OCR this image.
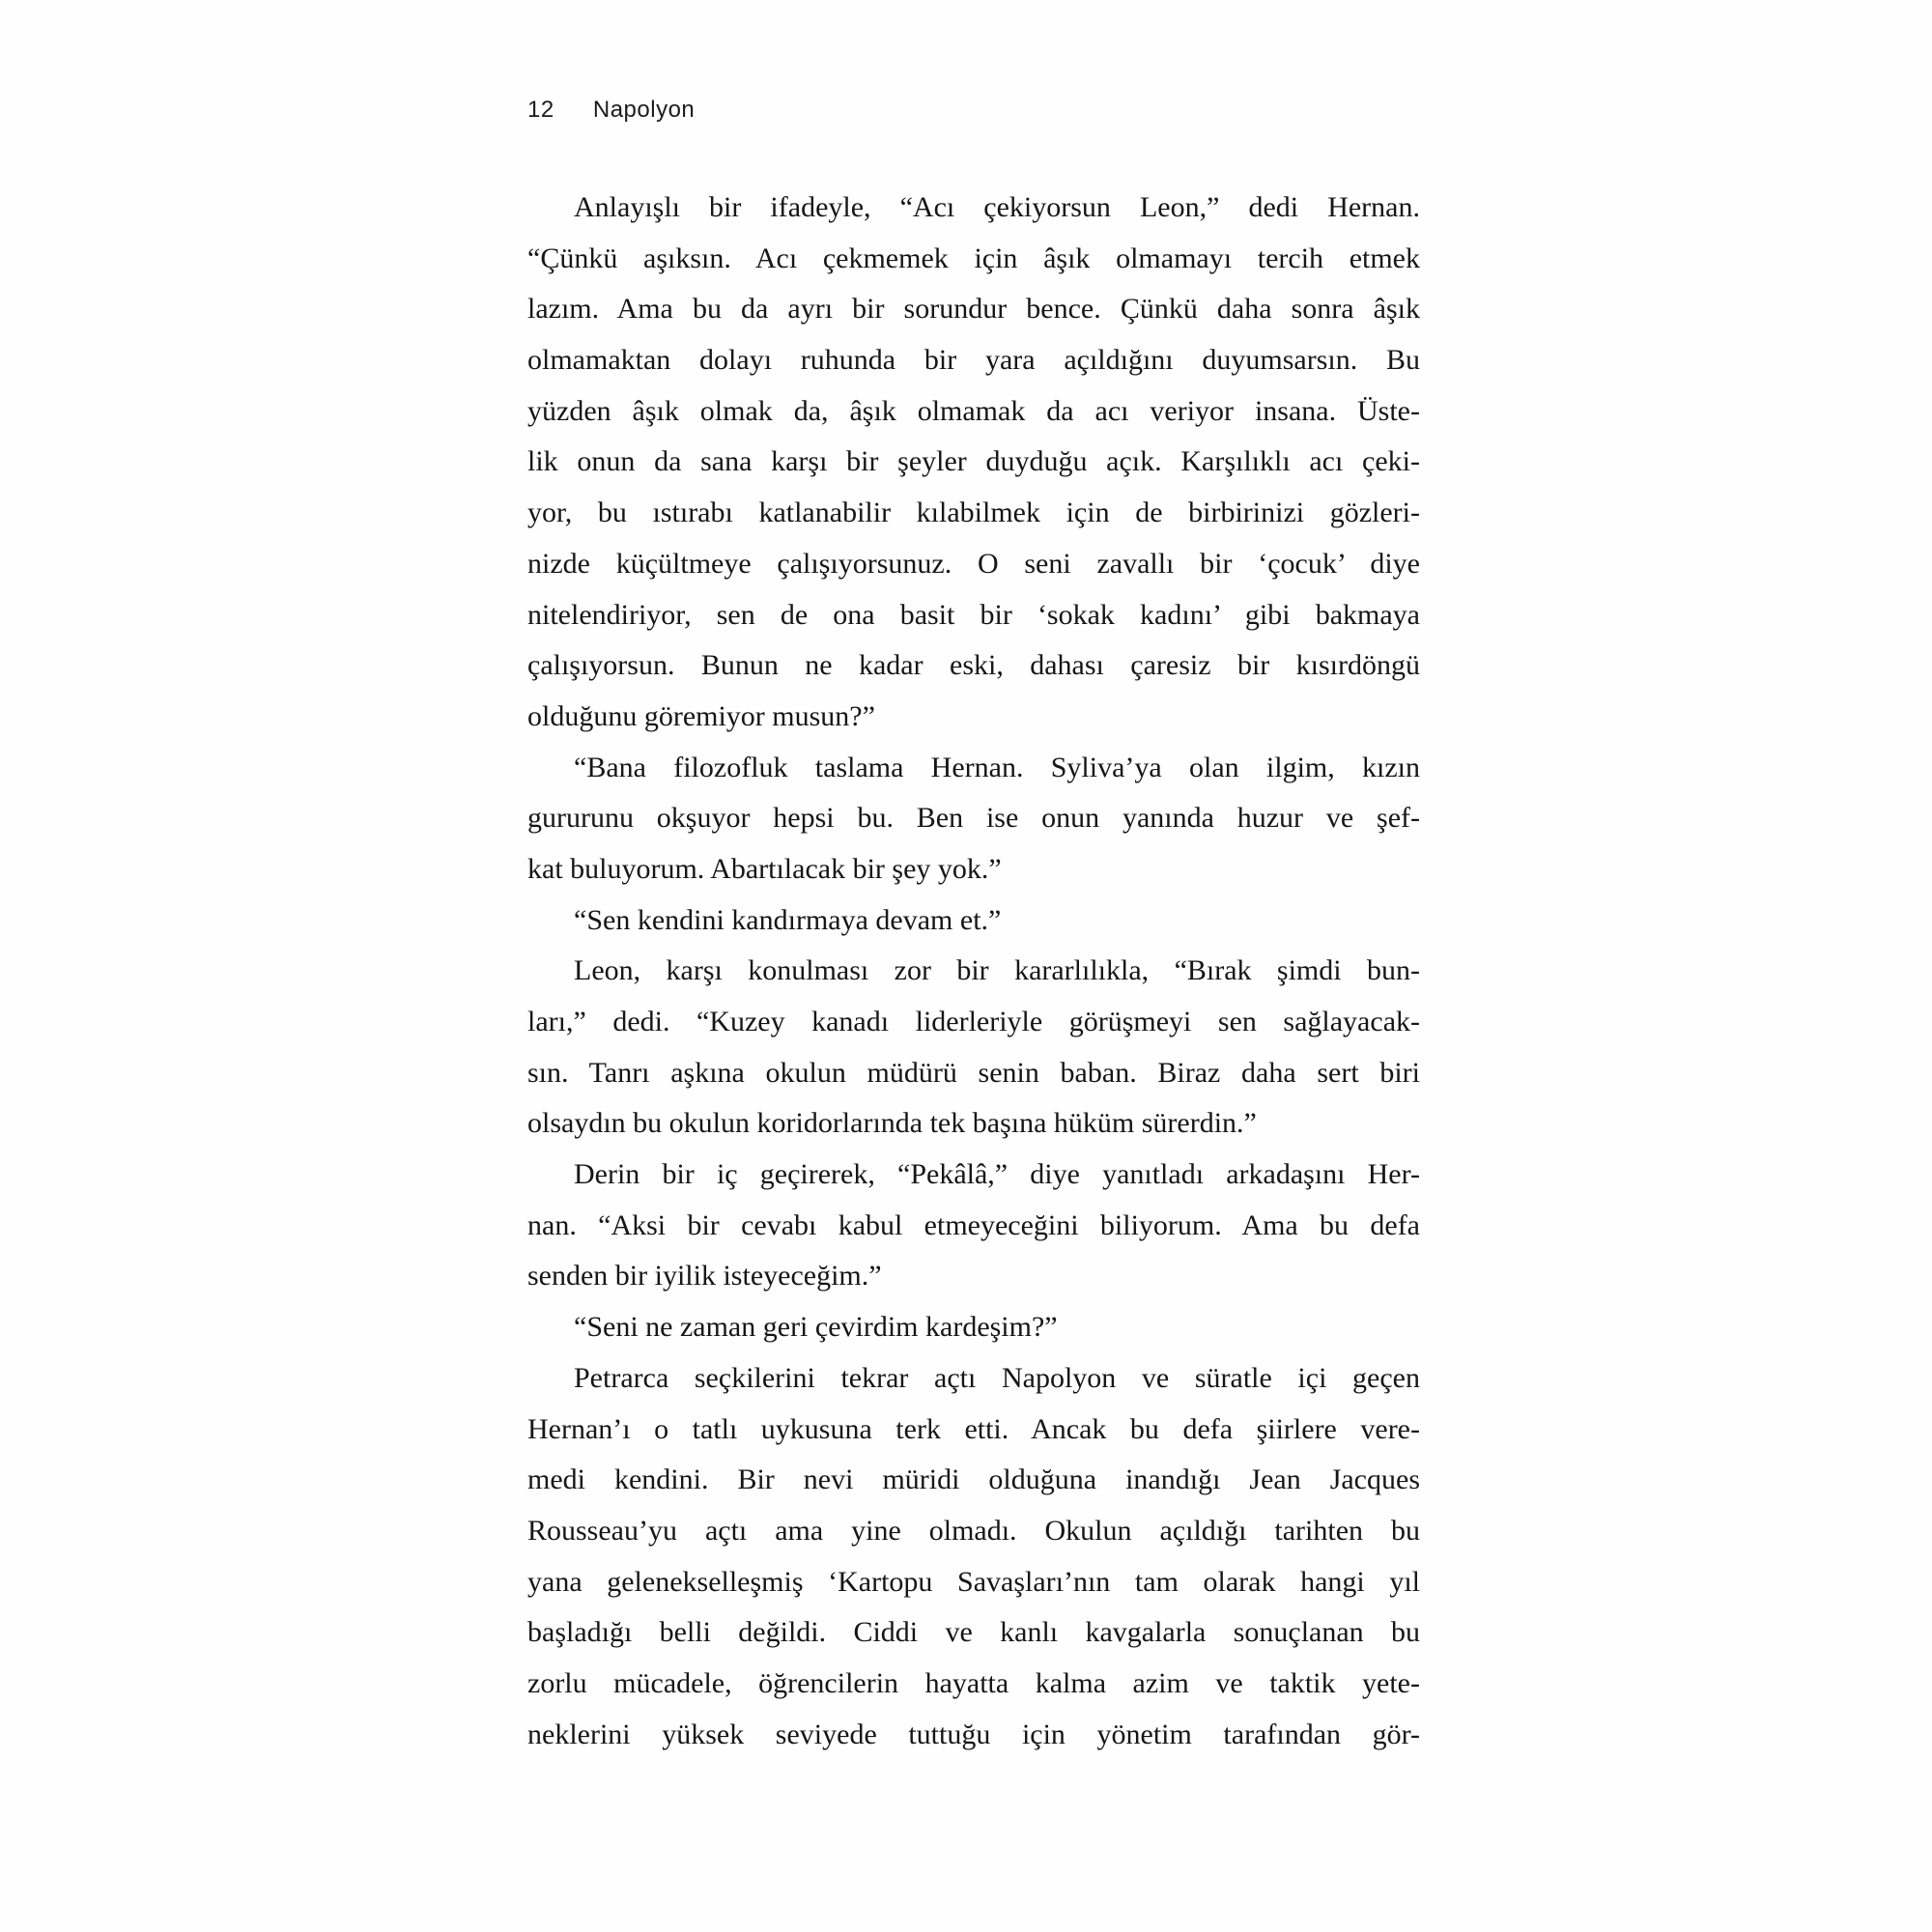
12 Napolyon
Anlayışlı bir ifadeyle, “Acı çekiyorsun Leon,” dedi Hernan.
“Çünkü aşıksın. Acı çekmemek için âşık olmamayı tercih etmek
lazım. Ama bu da ayrı bir sorundur bence. Çünkü daha sonra âşık
olmamaktan dolayı ruhunda bir yara açıldığını duyumsarsın. Bu
yüzden âşık olmak da, âşık olmamak da acı veriyor insana. Üste-
lik onun da sana karşı bir şeyler duyduğu açık. Karşılıklı acı çeki-
yor, bu ıstırabı katlanabilir kılabilmek için de birbirinizi gözleri-
nizde küçültmeye çalışıyorsunuz. O seni zavallı bir ‘çocuk’ diye
nitelendiriyor, sen de ona basit bir ‘sokak kadını’ gibi bakmaya
çalışıyorsun. Bunun ne kadar eski, dahası çaresiz bir kısırdöngü
olduğunu göremiyor musun?”
“Bana filozofluk taslama Hernan. Syliva’ya olan ilgim, kızın
gururunu okşuyor hepsi bu. Ben ise onun yanında huzur ve şef-
kat buluyorum. Abartılacak bir şey yok.”
“Sen kendini kandırmaya devam et.”
Leon, karşı konulması zor bir kararlılıkla, “Bırak şimdi bun-
ları,” dedi. “Kuzey kanadı liderleriyle görüşmeyi sen sağlayacak-
sın. Tanrı aşkına okulun müdürü senin baban. Biraz daha sert biri
olsaydın bu okulun koridorlarında tek başına hüküm sürerdin.”
Derin bir iç geçirerek, “Pekâlâ,” diye yanıtladı arkadaşını Her-
nan. “Aksi bir cevabı kabul etmeyeceğini biliyorum. Ama bu defa
senden bir iyilik isteyeceğim.”
“Seni ne zaman geri çevirdim kardeşim?”
Petrarca seçkilerini tekrar açtı Napolyon ve süratle içi geçen
Hernan’ı o tatlı uykusuna terk etti. Ancak bu defa şiirlere vere-
medi kendini. Bir nevi müridi olduğuna inandığı Jean Jacques
Rousseau’yu açtı ama yine olmadı. Okulun açıldığı tarihten bu
yana gelenekselleşmiş ‘Kartopu Savaşları’nın tam olarak hangi yıl
başladığı belli değildi. Ciddi ve kanlı kavgalarla sonuçlanan bu
zorlu mücadele, öğrencilerin hayatta kalma azim ve taktik yete-
neklerini yüksek seviyede tuttuğu için yönetim tarafından gör-
